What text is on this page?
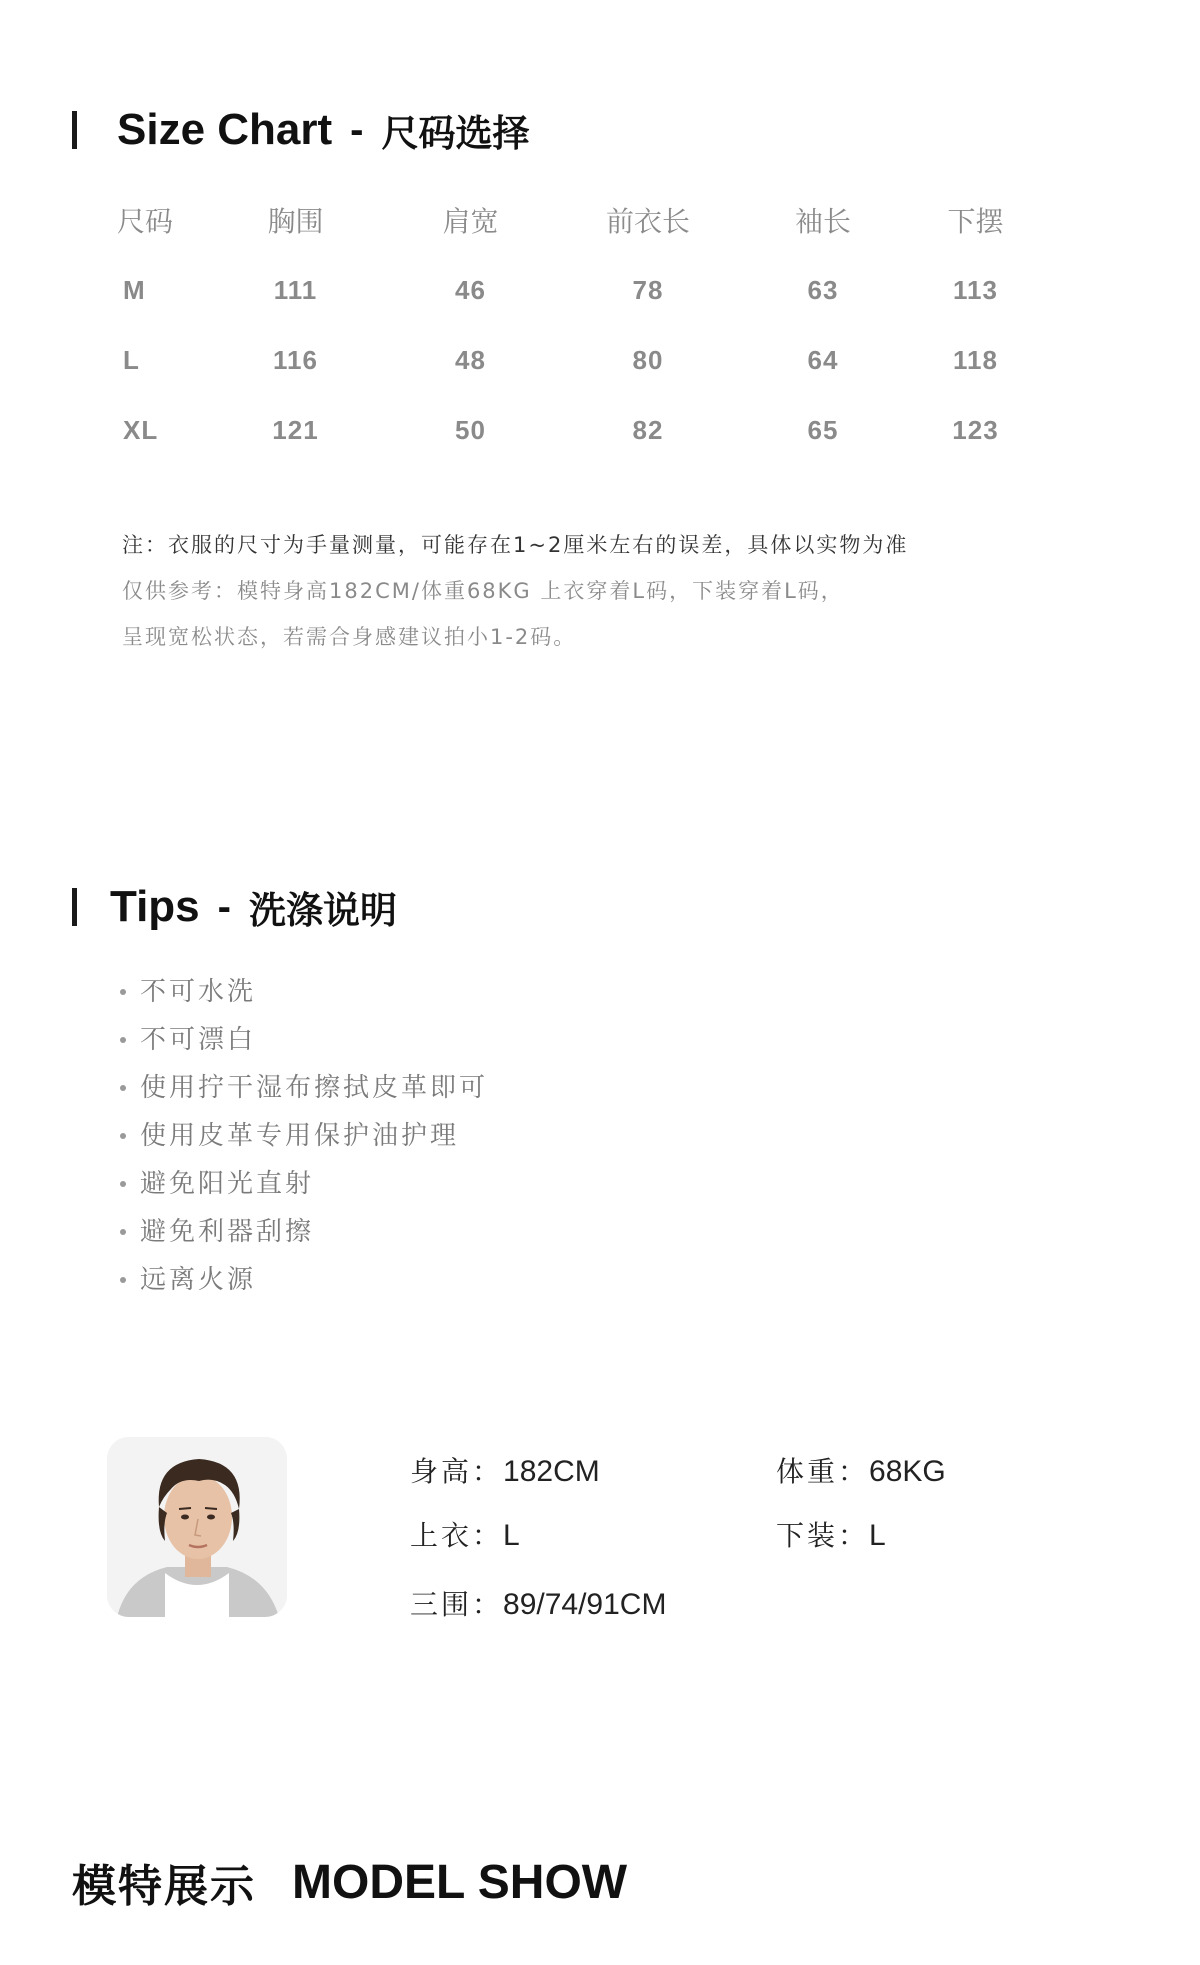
Size Chart - 尺码选择
尺码	胸围	肩宽	前衣长	袖长	下摆
M	111	46	78	63	113
L	116	48	80	64	118
XL	121	50	82	65	123
注：衣服的尺寸为手量测量，可能存在1~2厘米左右的误差，具体以实物为准
仅供参考：模特身高182CM/体重68KG 上衣穿着L码，下装穿着L码，
呈现宽松状态，若需合身感建议拍小1-2码。
Tips - 洗涤说明
不可水洗
不可漂白
使用拧干湿布擦拭皮革即可
使用皮革专用保护油护理
避免阳光直射
避免利器刮擦
远离火源
身高：182CM	体重：68KG
上衣：L	下装：L
三围：89/74/91CM
模特展示 MODEL SHOW
